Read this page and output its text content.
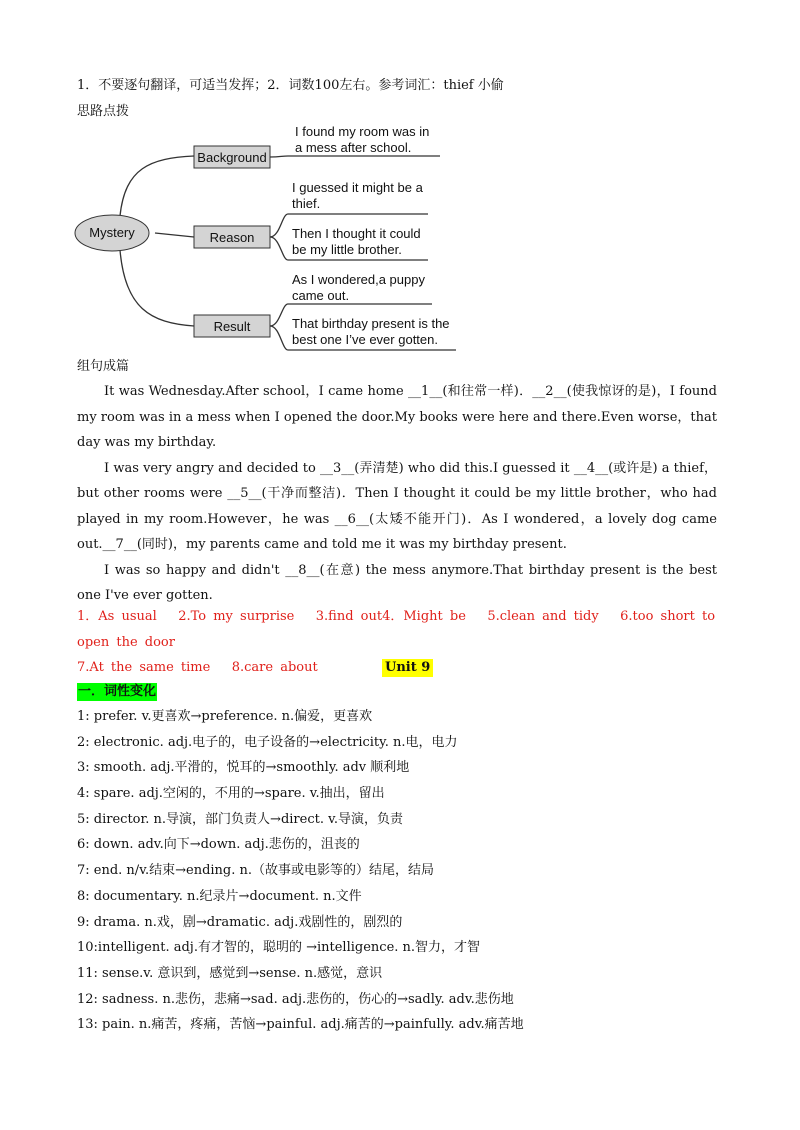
1．不要逐句翻译，可适当发挥；2．词数100左右。参考词汇：thief 小偷
思路点拨
Mystery
Background
I found my room was in
a mess after school.
Reason
I guessed it might be a
thief.
Then I thought it could
be my little brother.
Result
As I wondered,a puppy
came out.
That birthday present is the
best one I’ve ever gotten.
组句成篇

It was Wednesday.After school，I came home __1__(和往常一样)．__2__(使我惊讶的是)，I found my room was in a mess when I opened the door.My books were here and there.Even worse，that day was my birthday.

I was very angry and decided to __3__(弄清楚) who did this.I guessed it __4__(或许是) a thief，but other rooms were __5__(干净而整洁)．Then I thought it could be my little brother，who had played in my room.However，he was __6__(太矮不能开门)．As I wondered，a lovely dog came out.__7__(同时)，my parents came and told me it was my birthday present.

I was so happy and didn't __8__(在意) the mess anymore.That birthday present is the best one I've ever gotten.

1．As usual 2.To my surprise 3.find out4．Might be 5.clean and tidy 6.too short to open the door
7.At the same time 8.care about	Unit 9
一．词性变化
1: prefer. v.更喜欢→preference. n.偏爱，更喜欢
2: electronic. adj.电子的，电子设备的→electricity. n.电，电力
3: smooth. adj.平滑的，悦耳的→smoothly. adv 顺利地
4: spare. adj.空闲的，不用的→spare. v.抽出，留出
5: director. n.导演，部门负责人→direct. v.导演，负责
6: down. adv.向下→down. adj.悲伤的，沮丧的
7: end. n/v.结束→ending. n.（故事或电影等的）结尾，结局
8: documentary. n.纪录片→document. n.文件
9: drama. n.戏，剧→dramatic. adj.戏剧性的，剧烈的
10:intelligent. adj.有才智的，聪明的 →intelligence. n.智力，才智
11: sense.v. 意识到，感觉到→sense. n.感觉，意识
12: sadness. n.悲伤，悲痛→sad. adj.悲伤的，伤心的→sadly. adv.悲伤地
13: pain. n.痛苦，疼痛，苦恼→painful. adj.痛苦的→painfully. adv.痛苦地
